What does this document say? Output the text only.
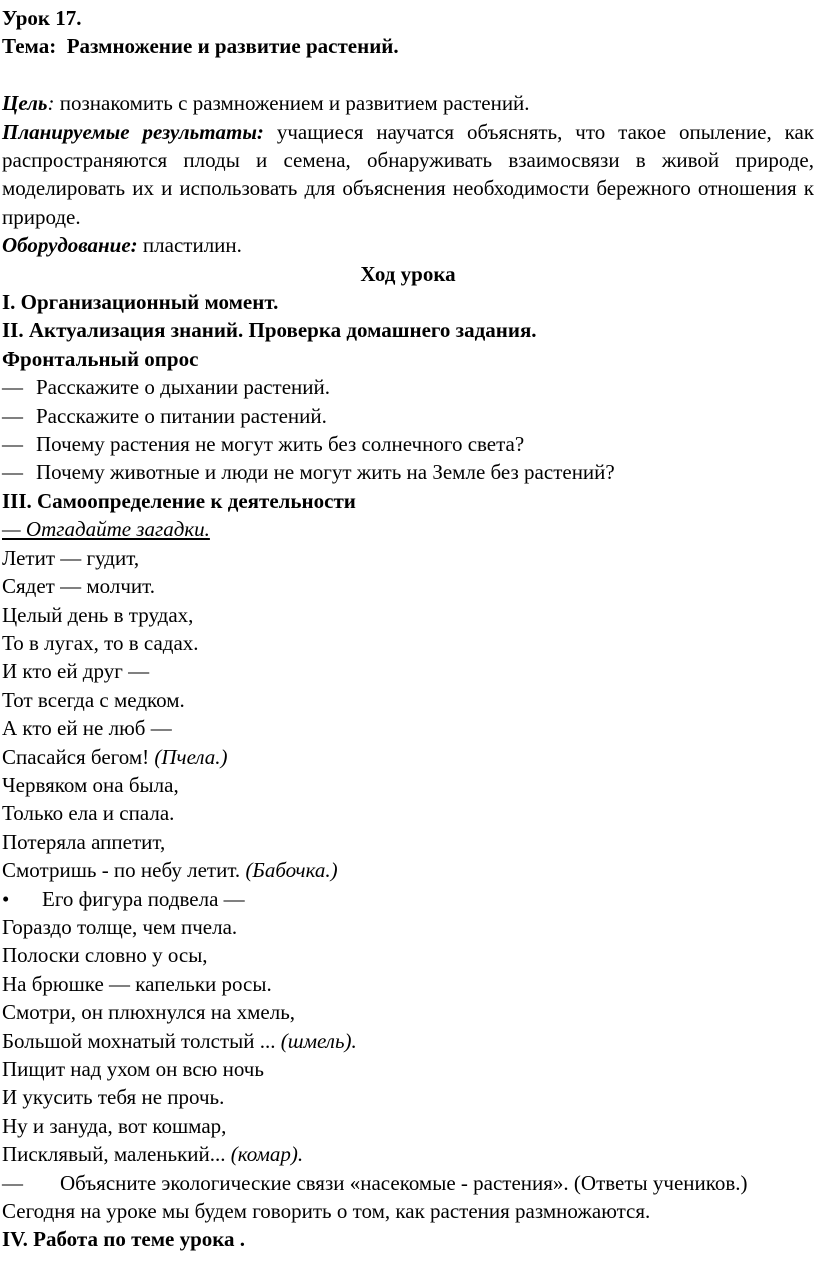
Урок 17.
Тема: Размножение и развитие растений.
Цель: познакомить с размножением и развитием растений.
Планируемые результаты: учащиеся научатся объяснять, что такое опыление, как распространяются плоды и семена, обнаруживать взаимосвязи в живой природе, моделировать их и использовать для объяснения необходимости бережного отношения к природе.
Оборудование: пластилин.
Ход урока
I. Организационный момент.
II. Актуализация знаний. Проверка домашнего задания.
Фронтальный опрос
— Расскажите о дыхании растений.
— Расскажите о питании растений.
— Почему растения не могут жить без солнечного света?
— Почему животные и люди не могут жить на Земле без растений?
III. Самоопределение к деятельности
— Отгадайте загадки.
Летит — гудит,
Сядет — молчит.
Целый день в трудах,
То в лугах, то в садах.
И кто ей друг —
Тот всегда с медком.
А кто ей не люб —
Спасайся бегом! (Пчела.)
Червяком она была,
Только ела и спала.
Потеряла аппетит,
Смотришь - по небу летит. (Бабочка.)
• Его фигура подвела —
Гораздо толще, чем пчела.
Полоски словно у осы,
На брюшке — капельки росы.
Смотри, он плюхнулся на хмель,
Большой мохнатый толстый ... (шмель).
Пищит над ухом он всю ночь
И укусить тебя не прочь.
Ну и зануда, вот кошмар,
Писклявый, маленький... (комар).
— Объясните экологические связи «насекомые - растения». (Ответы учеников.)
Сегодня на уроке мы будем говорить о том, как растения размножаются.
IV. Работа по теме урока .
